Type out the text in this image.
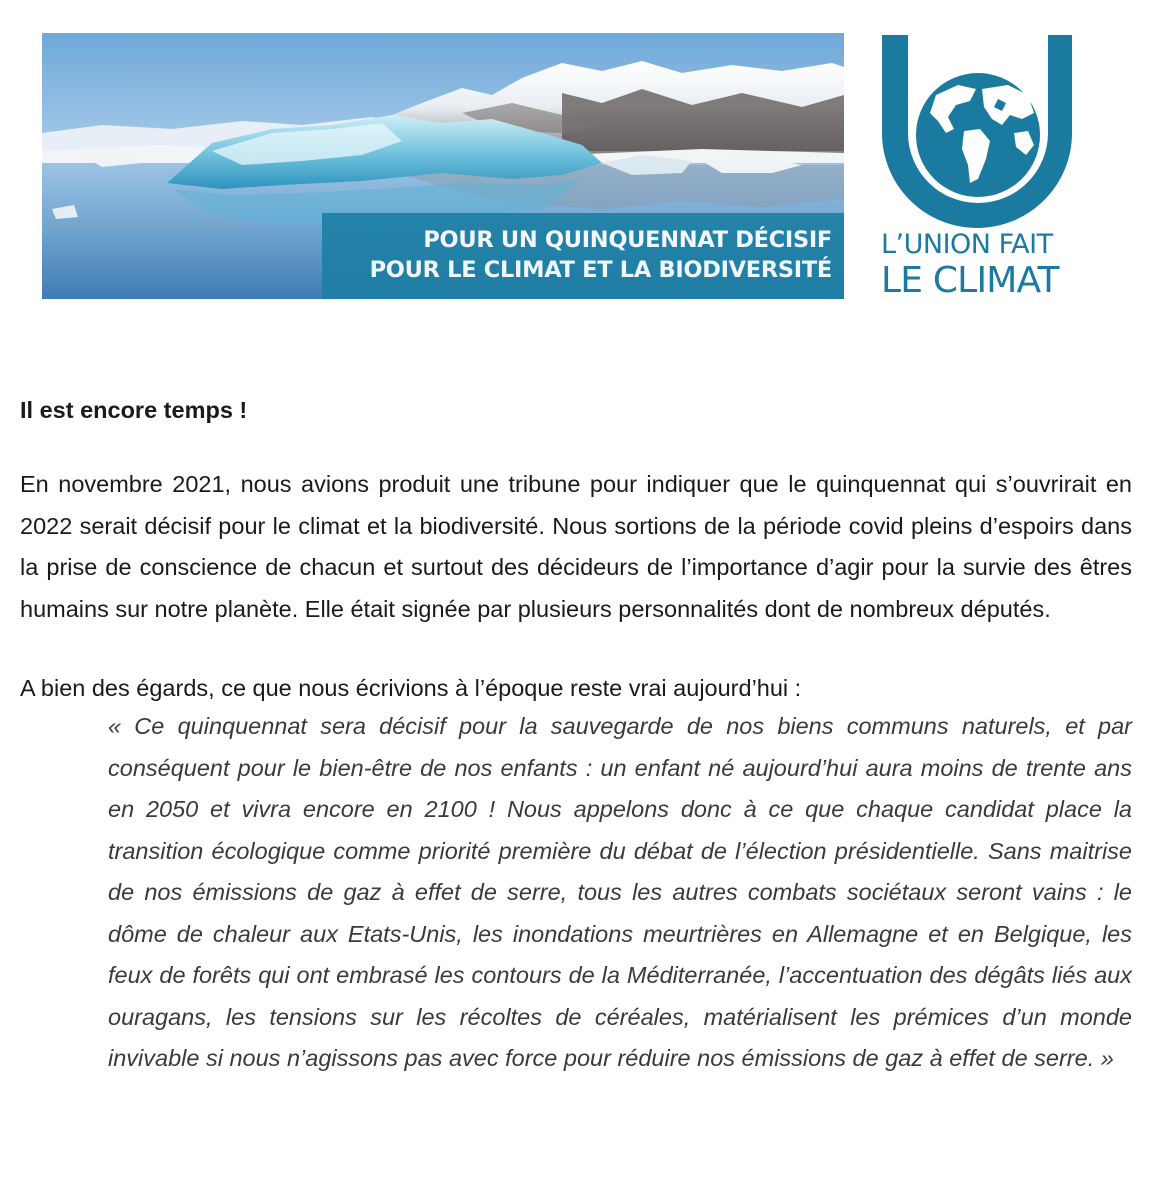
POUR UN QUINQUENNAT DÉCISIF
POUR LE CLIMAT ET LA BIODIVERSITÉ
L’UNION FAIT
LE CLIMAT

Il est encore temps !

En novembre 2021, nous avions produit une tribune pour indiquer que le quinquennat qui s’ouvrirait en 2022 serait décisif pour le climat et la biodiversité. Nous sortions de la période covid pleins d’espoirs dans la prise de conscience de chacun et surtout des décideurs de l’importance d’agir pour la survie des êtres humains sur notre planète. Elle était signée par plusieurs personnalités dont de nombreux députés.

A bien des égards, ce que nous écrivions à l’époque reste vrai aujourd’hui :

« Ce quinquennat sera décisif pour la sauvegarde de nos biens communs naturels, et par conséquent pour le bien-être de nos enfants : un enfant né aujourd’hui aura moins de trente ans en 2050 et vivra encore en 2100 ! Nous appelons donc à ce que chaque candidat place la transition écologique comme priorité première du débat de l’élection présidentielle. Sans maitrise de nos émissions de gaz à effet de serre, tous les autres combats sociétaux seront vains : le dôme de chaleur aux Etats-Unis, les inondations meurtrières en Allemagne et en Belgique, les feux de forêts qui ont embrasé les contours de la Méditerranée, l’accentuation des dégâts liés aux ouragans, les tensions sur les récoltes de céréales, matérialisent les prémices d’un monde invivable si nous n’agissons pas avec force pour réduire nos émissions de gaz à effet de serre. »
